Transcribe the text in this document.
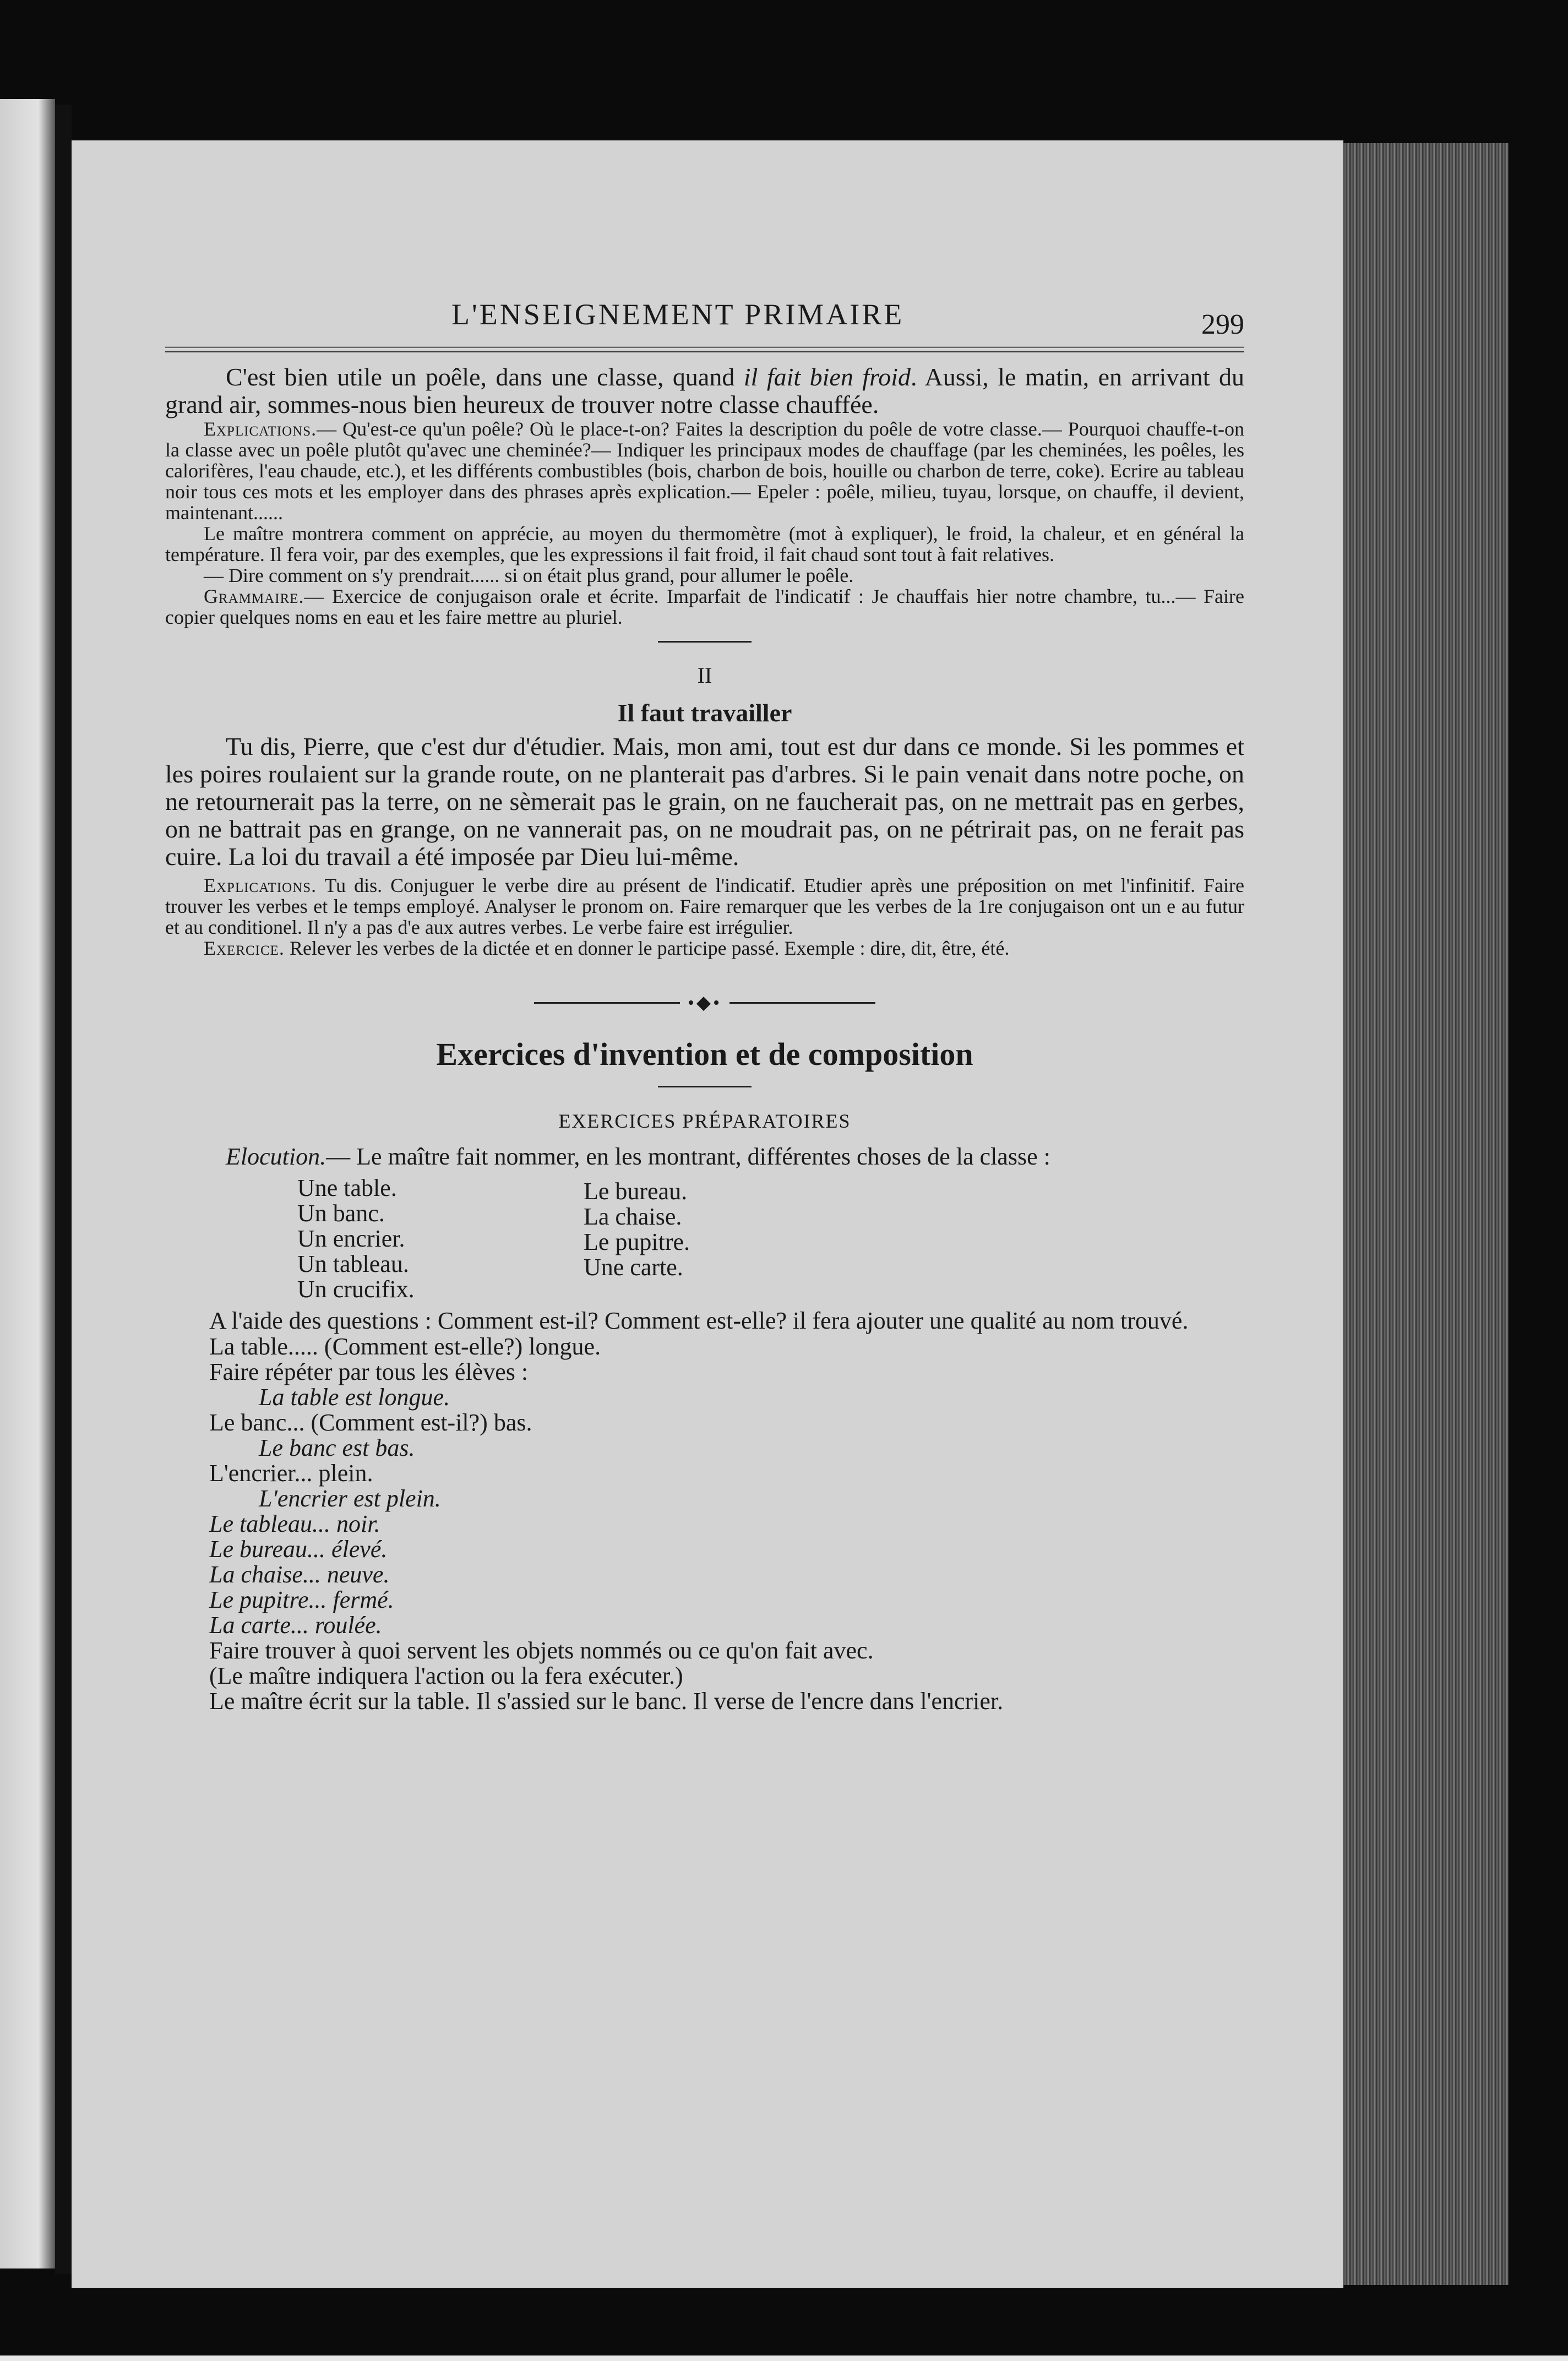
L'ENSEIGNEMENT PRIMAIRE	299

C'est bien utile un poêle, dans une classe, quand il fait bien froid. Aussi, le matin, en arrivant du grand air, sommes-nous bien heureux de trouver notre classe chauffée.

Explications.— Qu'est-ce qu'un poêle? Où le place-t-on? Faites la description du poêle de votre classe.— Pourquoi chauffe-t-on la classe avec un poêle plutôt qu'avec une cheminée?— Indiquer les principaux modes de chauffage (par les cheminées, les poêles, les calorifères, l'eau chaude, etc.), et les différents combustibles (bois, charbon de bois, houille ou charbon de terre, coke). Ecrire au tableau noir tous ces mots et les employer dans des phrases après explication.— Epeler : poêle, milieu, tuyau, lorsque, on chauffe, il devient, maintenant......

Le maître montrera comment on apprécie, au moyen du thermomètre (mot à expliquer), le froid, la chaleur, et en général la température. Il fera voir, par des exemples, que les expressions il fait froid, il fait chaud sont tout à fait relatives.

— Dire comment on s'y prendrait...... si on était plus grand, pour allumer le poêle.

Grammaire.— Exercice de conjugaison orale et écrite. Imparfait de l'indicatif : Je chauffais hier notre chambre, tu...— Faire copier quelques noms en eau et les faire mettre au pluriel.

II
Il faut travailler

Tu dis, Pierre, que c'est dur d'étudier. Mais, mon ami, tout est dur dans ce monde. Si les pommes et les poires roulaient sur la grande route, on ne planterait pas d'arbres. Si le pain venait dans notre poche, on ne retournerait pas la terre, on ne sèmerait pas le grain, on ne faucherait pas, on ne mettrait pas en gerbes, on ne battrait pas en grange, on ne vannerait pas, on ne moudrait pas, on ne pétrirait pas, on ne ferait pas cuire. La loi du travail a été imposée par Dieu lui-même.

Explications. Tu dis. Conjuguer le verbe dire au présent de l'indicatif. Etudier après une préposition on met l'infinitif. Faire trouver les verbes et le temps employé. Analyser le pronom on. Faire remarquer que les verbes de la 1re conjugaison ont un e au futur et au conditionel. Il n'y a pas d'e aux autres verbes. Le verbe faire est irrégulier.

Exercice. Relever les verbes de la dictée et en donner le participe passé. Exemple : dire, dit, être, été.

•◆•
Exercices d'invention et de composition
EXERCICES PRÉPARATOIRES

Elocution.— Le maître fait nommer, en les montrant, différentes choses de la classe :

Une table.
Un banc.
Un encrier.
Un tableau.
Un crucifix.
Le bureau.
La chaise.
Le pupitre.
Une carte.

A l'aide des questions : Comment est-il? Comment est-elle? il fera ajouter une qualité au nom trouvé.

La table..... (Comment est-elle?) longue.
Faire répéter par tous les élèves :
La table est longue.
Le banc... (Comment est-il?) bas.
Le banc est bas.
L'encrier... plein.
L'encrier est plein.
Le tableau... noir.
Le bureau... élevé.
La chaise... neuve.
Le pupitre... fermé.
La carte... roulée.
Faire trouver à quoi servent les objets nommés ou ce qu'on fait avec.
(Le maître indiquera l'action ou la fera exécuter.)
Le maître écrit sur la table. Il s'assied sur le banc. Il verse de l'encre dans l'encrier.
